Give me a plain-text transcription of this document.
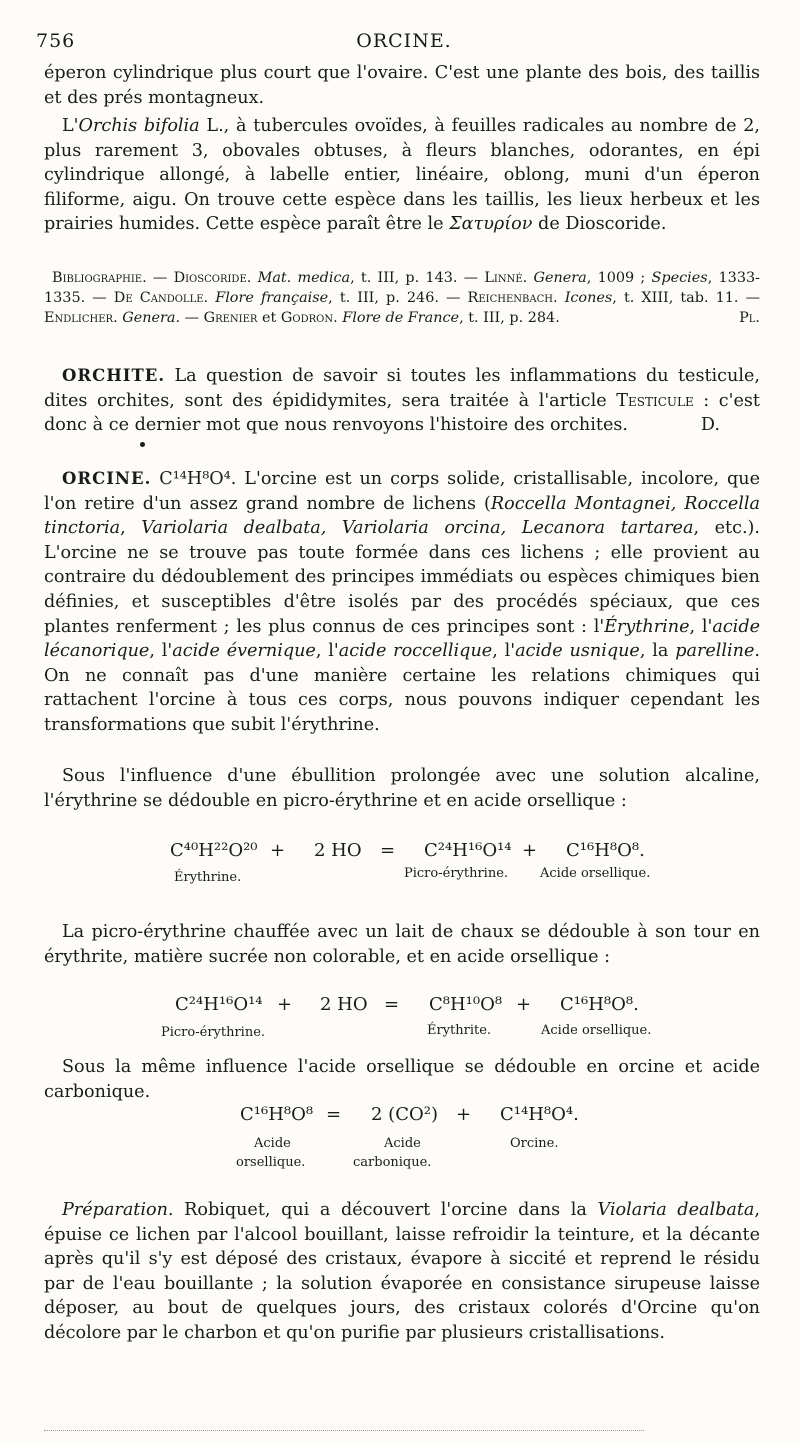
756	ORCINE.

éperon cylindrique plus court que l'ovaire. C'est une plante des bois, des taillis et des prés montagneux.

L'Orchis bifolia L., à tubercules ovoïdes, à feuilles radicales au nombre de 2, plus rarement 3, obovales obtuses, à fleurs blanches, odorantes, en épi cylindrique allongé, à labelle entier, linéaire, oblong, muni d'un éperon filiforme, aigu. On trouve cette espèce dans les taillis, les lieux herbeux et les prairies humides. Cette espèce paraît être le Σατυρίον de Dioscoride.

Bibliographie. — Dioscoride. Mat. medica, t. III, p. 143. — Linné. Genera, 1009 ; Species, 1333-1335. — De Candolle. Flore française, t. III, p. 246. — Reichenbach. Icones, t. XIII, tab. 11. — Endlicher. Genera. — Grenier et Godron. Flore de France, t. III, p. 284.	Pl.

ORCHITE. La question de savoir si toutes les inflammations du testicule, dites orchites, sont des épididymites, sera traitée à l'article Testicule : c'est donc à ce dernier mot que nous renvoyons l'histoire des orchites.	D.

ORCINE. C¹⁴H⁸O⁴. L'orcine est un corps solide, cristallisable, incolore, que l'on retire d'un assez grand nombre de lichens (Roccella Montagnei, Roccella tinctoria, Variolaria dealbata, Variolaria orcina, Lecanora tartarea, etc.). L'orcine ne se trouve pas toute formée dans ces lichens ; elle provient au contraire du dédoublement des principes immédiats ou espèces chimiques bien définies, et susceptibles d'être isolés par des procédés spéciaux, que ces plantes renferment ; les plus connus de ces principes sont : l'Érythrine, l'acide lécanorique, l'acide évernique, l'acide roccellique, l'acide usnique, la parelline. On ne connaît pas d'une manière certaine les relations chimiques qui rattachent l'orcine à tous ces corps, nous pouvons indiquer cependant les transformations que subit l'érythrine.

Sous l'influence d'une ébullition prolongée avec une solution alcaline, l'érythrine se dédouble en picro-érythrine et en acide orsellique :

C⁴⁰H²²O²⁰ + 2 HO = C²⁴H¹⁶O¹⁴ + C¹⁶H⁸O⁸.
Érythrine.	Picro-érythrine. Acide orsellique.

La picro-érythrine chauffée avec un lait de chaux se dédouble à son tour en érythrite, matière sucrée non colorable, et en acide orsellique :

C²⁴H¹⁶O¹⁴ + 2 HO = C⁸H¹⁰O⁸ + C¹⁶H⁸O⁸.
Picro-érythrine.	Érythrite.	Acide orsellique.

Sous la même influence l'acide orsellique se dédouble en orcine et acide carbonique.

C¹⁶H⁸O⁸ = 2 (CO²) + C¹⁴H⁸O⁴.
Acide
orsellique.
Acide
carbonique.
Orcine.

Préparation. Robiquet, qui a découvert l'orcine dans la Violaria dealbata, épuise ce lichen par l'alcool bouillant, laisse refroidir la teinture, et la décante après qu'il s'y est déposé des cristaux, évapore à siccité et reprend le résidu par de l'eau bouillante ; la solution évaporée en consistance sirupeuse laisse déposer, au bout de quelques jours, des cristaux colorés d'Orcine qu'on décolore par le charbon et qu'on purifie par plusieurs cristallisations.
